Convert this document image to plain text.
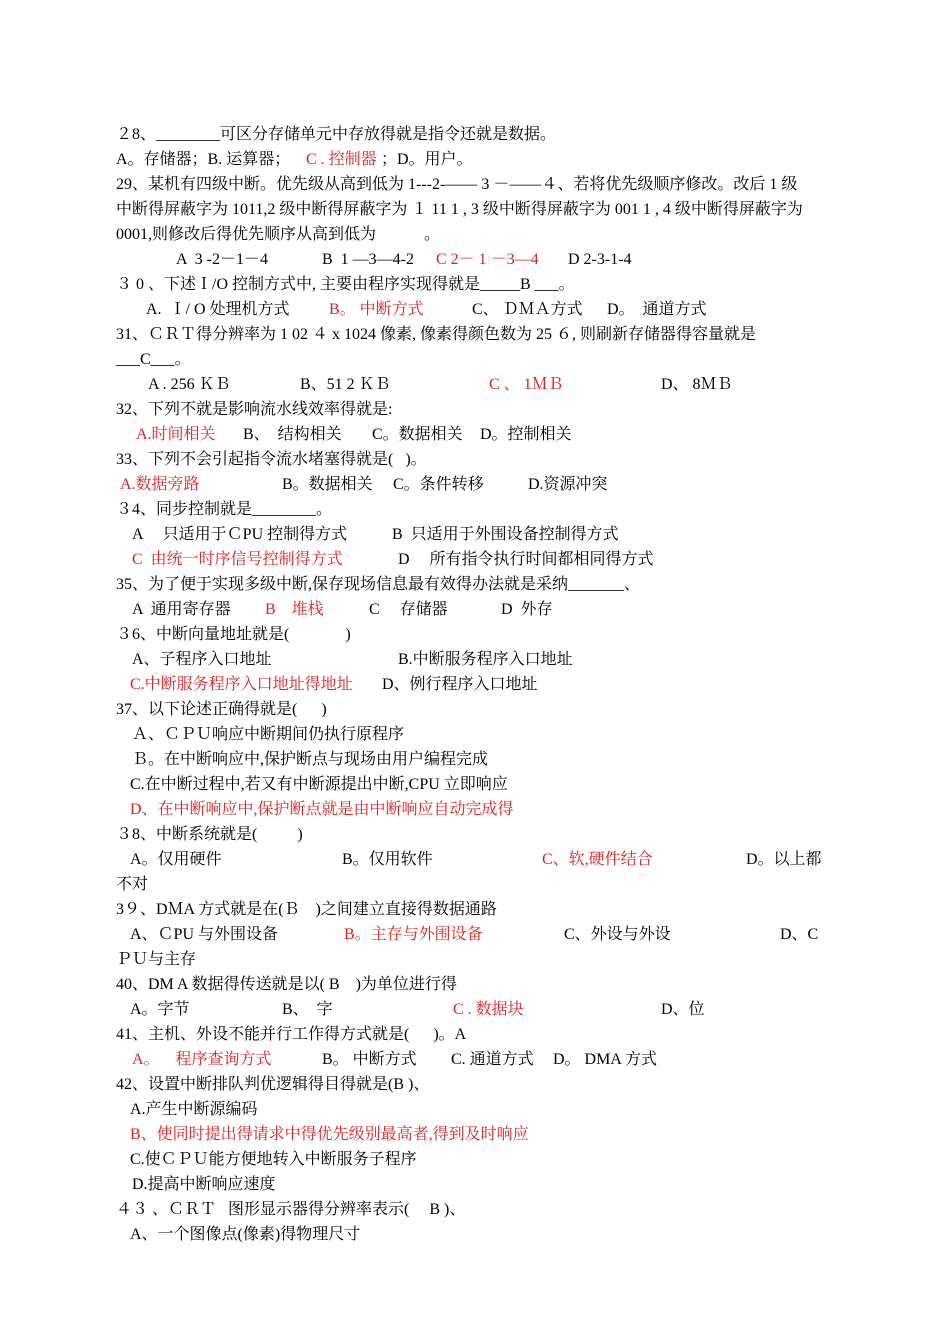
２8、________可区分存储单元中存放得就是指令还就是数据。
A。存储器；B. 运算器； C . 控制器 ；D。用户。
29、某机有四级中断。优先级从高到低为 1---2-—— 3 －——４、若将优先级顺序修改。改后 1 级
中断得屏蔽字为 1011,2 级中断得屏蔽字为 １ 11 1 , 3 级中断得屏蔽字为 001 1 , 4 级中断得屏蔽字为
0001,则修改后得优先顺序从高到低为　　　。
A  3 -2－1－4	B  1 —3—4-2 C 2－ 1 －3—4 D 2-3-1-4
３ 0 、下述Ｉ/O 控制方式中, 主要由程序实现得就是_____B ___。
A.  Ｉ/ O 处理机方式 B。 中断方式	C、 ＤＭＡ方式 D。  通道方式
31、ＣＲＴ得分辨率为 1 02 ４ x 1024 像素, 像素得颜色数为 25 ６, 则刷新存储器得容量就是
___C___。
A . 256 ＫＢ	B、51 2 ＫＢ	C 、 1ＭＢ	D、 8ＭＢ
32、下列不就是影响流水线效率得就是:
A.时间相关 B、  结构相关 C。数据相关 D。控制相关
33、下列不会引起指令流水堵塞得就是(   )。
A.数据旁路	B。数据相关 C。条件转移	D.资源冲突
３4、同步控制就是________。
A     只适用于ＣPU 控制得方式	B  只适用于外围设备控制得方式
C  由统一时序信号控制得方式	D     所有指令执行时间都相同得方式
35、为了便于实现多级中断,保存现场信息最有效得办法就是采纳_______、
A  通用寄存器 B    堆栈	C     存储器	D  外存
３6、中断向量地址就是(              )
A、子程序入口地址	B.中断服务程序入口地址
C.中断服务程序入口地址得地址 D、例行程序入口地址
37、以下论述正确得就是(      )
Ａ、ＣＰＵ响应中断期间仍执行原程序
Ｂ。在中断响应中,保护断点与现场由用户编程完成
C.在中断过程中,若又有中断源提出中断,CPU 立即响应
D、在中断响应中,保护断点就是由中断响应自动完成得
３8、中断系统就是(          )
A。仅用硬件	B。仅用软件	C、软,硬件结合	D。以上都
不对
3９、DＭA 方式就是在(Ｂ    )之间建立直接得数据通路
A、ＣPU 与外围设备	B。主存与外围设备	C、外设与外设	D、C
ＰＵ与主存
40、DM A 数据得传送就是以( B    )为单位进行得
A。字节	B、  字	C . 数据块	D、位
41、主机、外设不能并行工作得方式就是(      )。A
A。    程序查询方式	B。 中断方式 C. 通道方式 D。 DMA 方式
42、设置中断排队判优逻辑得目得就是(B )、
A.产生中断源编码
B、使同时提出得请求中得优先级别最高者,得到及时响应
C.使ＣＰＵ能方便地转入中断服务子程序
D.提高中断响应速度
４３ 、ＣＲＴ   图形显示器得分辨率表示(     B )、
A、一个图像点(像素)得物理尺寸
